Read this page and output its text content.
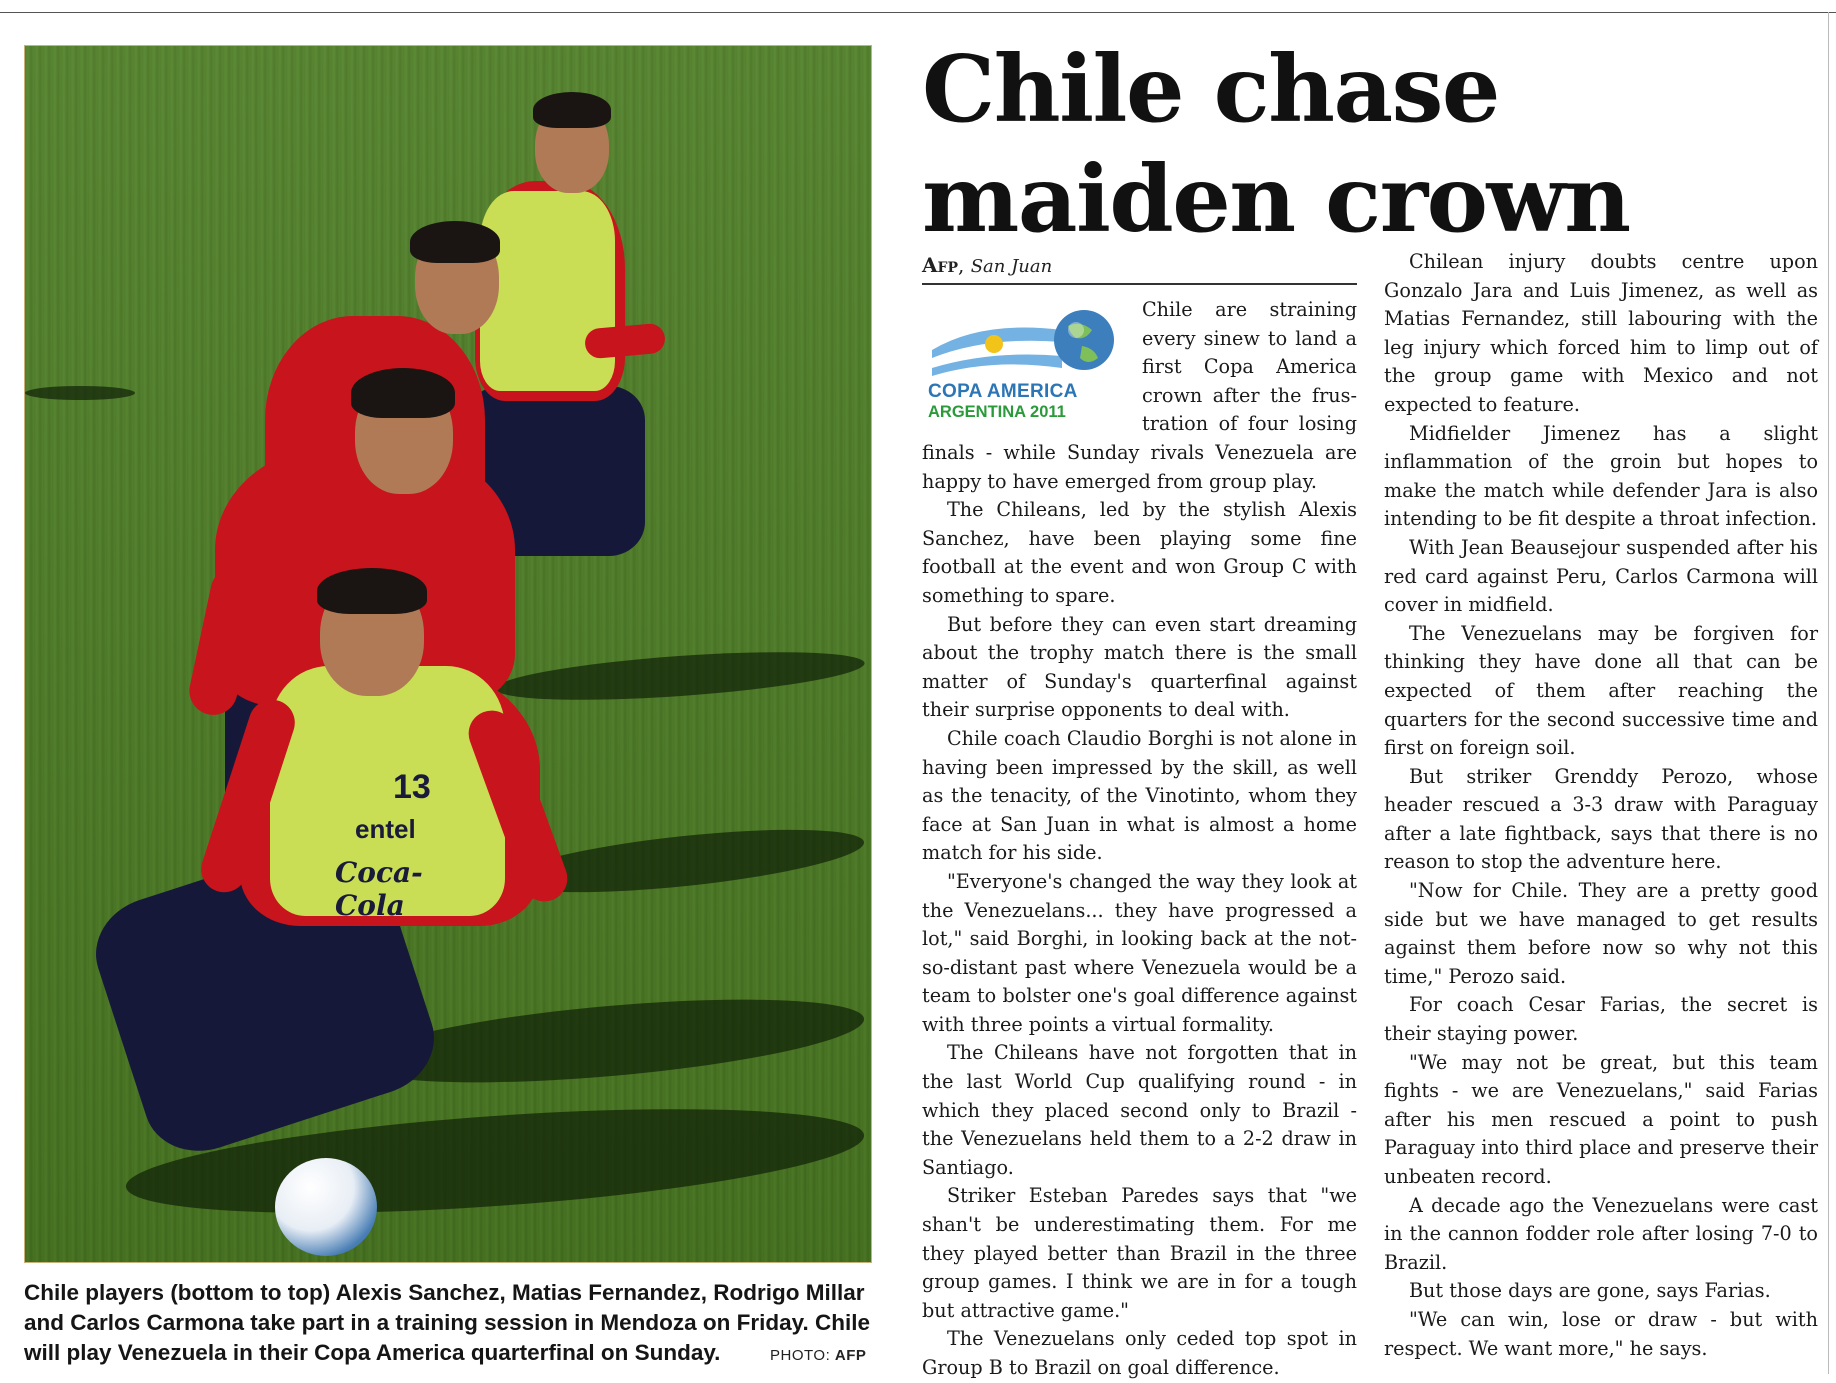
13
entel
Coca-Cola
Chile players (bottom to top) Alexis Sanchez, Matias Fernandez, Rodrigo Millar and Carlos Carmona take part in a training session in Mendoza on Friday. Chile will play Venezuela in their Copa America quarterfinal on Sunday.	PHOTO: AFP
Chile chase maiden crown
Afp, San Juan
COPA AMERICA
ARGENTINA 2011
Chile are straining
every sinew to land a
first Copa America
crown after the frus-
tration of four losing

finals - while Sunday rivals Venezuela are happy to have emerged from group play.

The Chileans, led by the stylish Alexis Sanchez, have been playing some fine football at the event and won Group C with something to spare.

But before they can even start dreaming about the trophy match there is the small matter of Sunday's quarterfinal against their surprise opponents to deal with.

Chile coach Claudio Borghi is not alone in having been impressed by the skill, as well as the tenacity, of the Vinotinto, whom they face at San Juan in what is almost a home match for his side.

"Everyone's changed the way they look at the Venezuelans... they have progressed a lot," said Borghi, in looking back at the not-so-distant past where Venezuela would be a team to bolster one's goal difference against with three points a virtual formality.

The Chileans have not forgotten that in the last World Cup qualifying round - in which they placed second only to Brazil - the Venezuelans held them to a 2-2 draw in Santiago.

Striker Esteban Paredes says that "we shan't be underestimating them. For me they played better than Brazil in the three group games. I think we are in for a tough but attractive game."

The Venezuelans only ceded top spot in Group B to Brazil on goal difference.

Chilean injury doubts centre upon Gonzalo Jara and Luis Jimenez, as well as Matias Fernandez, still labouring with the leg injury which forced him to limp out of the group game with Mexico and not expected to feature.

Midfielder Jimenez has a slight inflammation of the groin but hopes to make the match while defender Jara is also intending to be fit despite a throat infection.

With Jean Beausejour suspended after his red card against Peru, Carlos Carmona will cover in midfield.

The Venezuelans may be forgiven for thinking they have done all that can be expected of them after reaching the quarters for the second successive time and first on foreign soil.

But striker Grenddy Perozo, whose header rescued a 3-3 draw with Paraguay after a late fightback, says that there is no reason to stop the adventure here.

"Now for Chile. They are a pretty good side but we have managed to get results against them before now so why not this time," Perozo said.

For coach Cesar Farias, the secret is their staying power.

"We may not be great, but this team fights - we are Venezuelans," said Farias after his men rescued a point to push Paraguay into third place and preserve their unbeaten record.

A decade ago the Venezuelans were cast in the cannon fodder role after losing 7-0 to Brazil.

But those days are gone, says Farias.

"We can win, lose or draw - but with respect. We want more," he says.
